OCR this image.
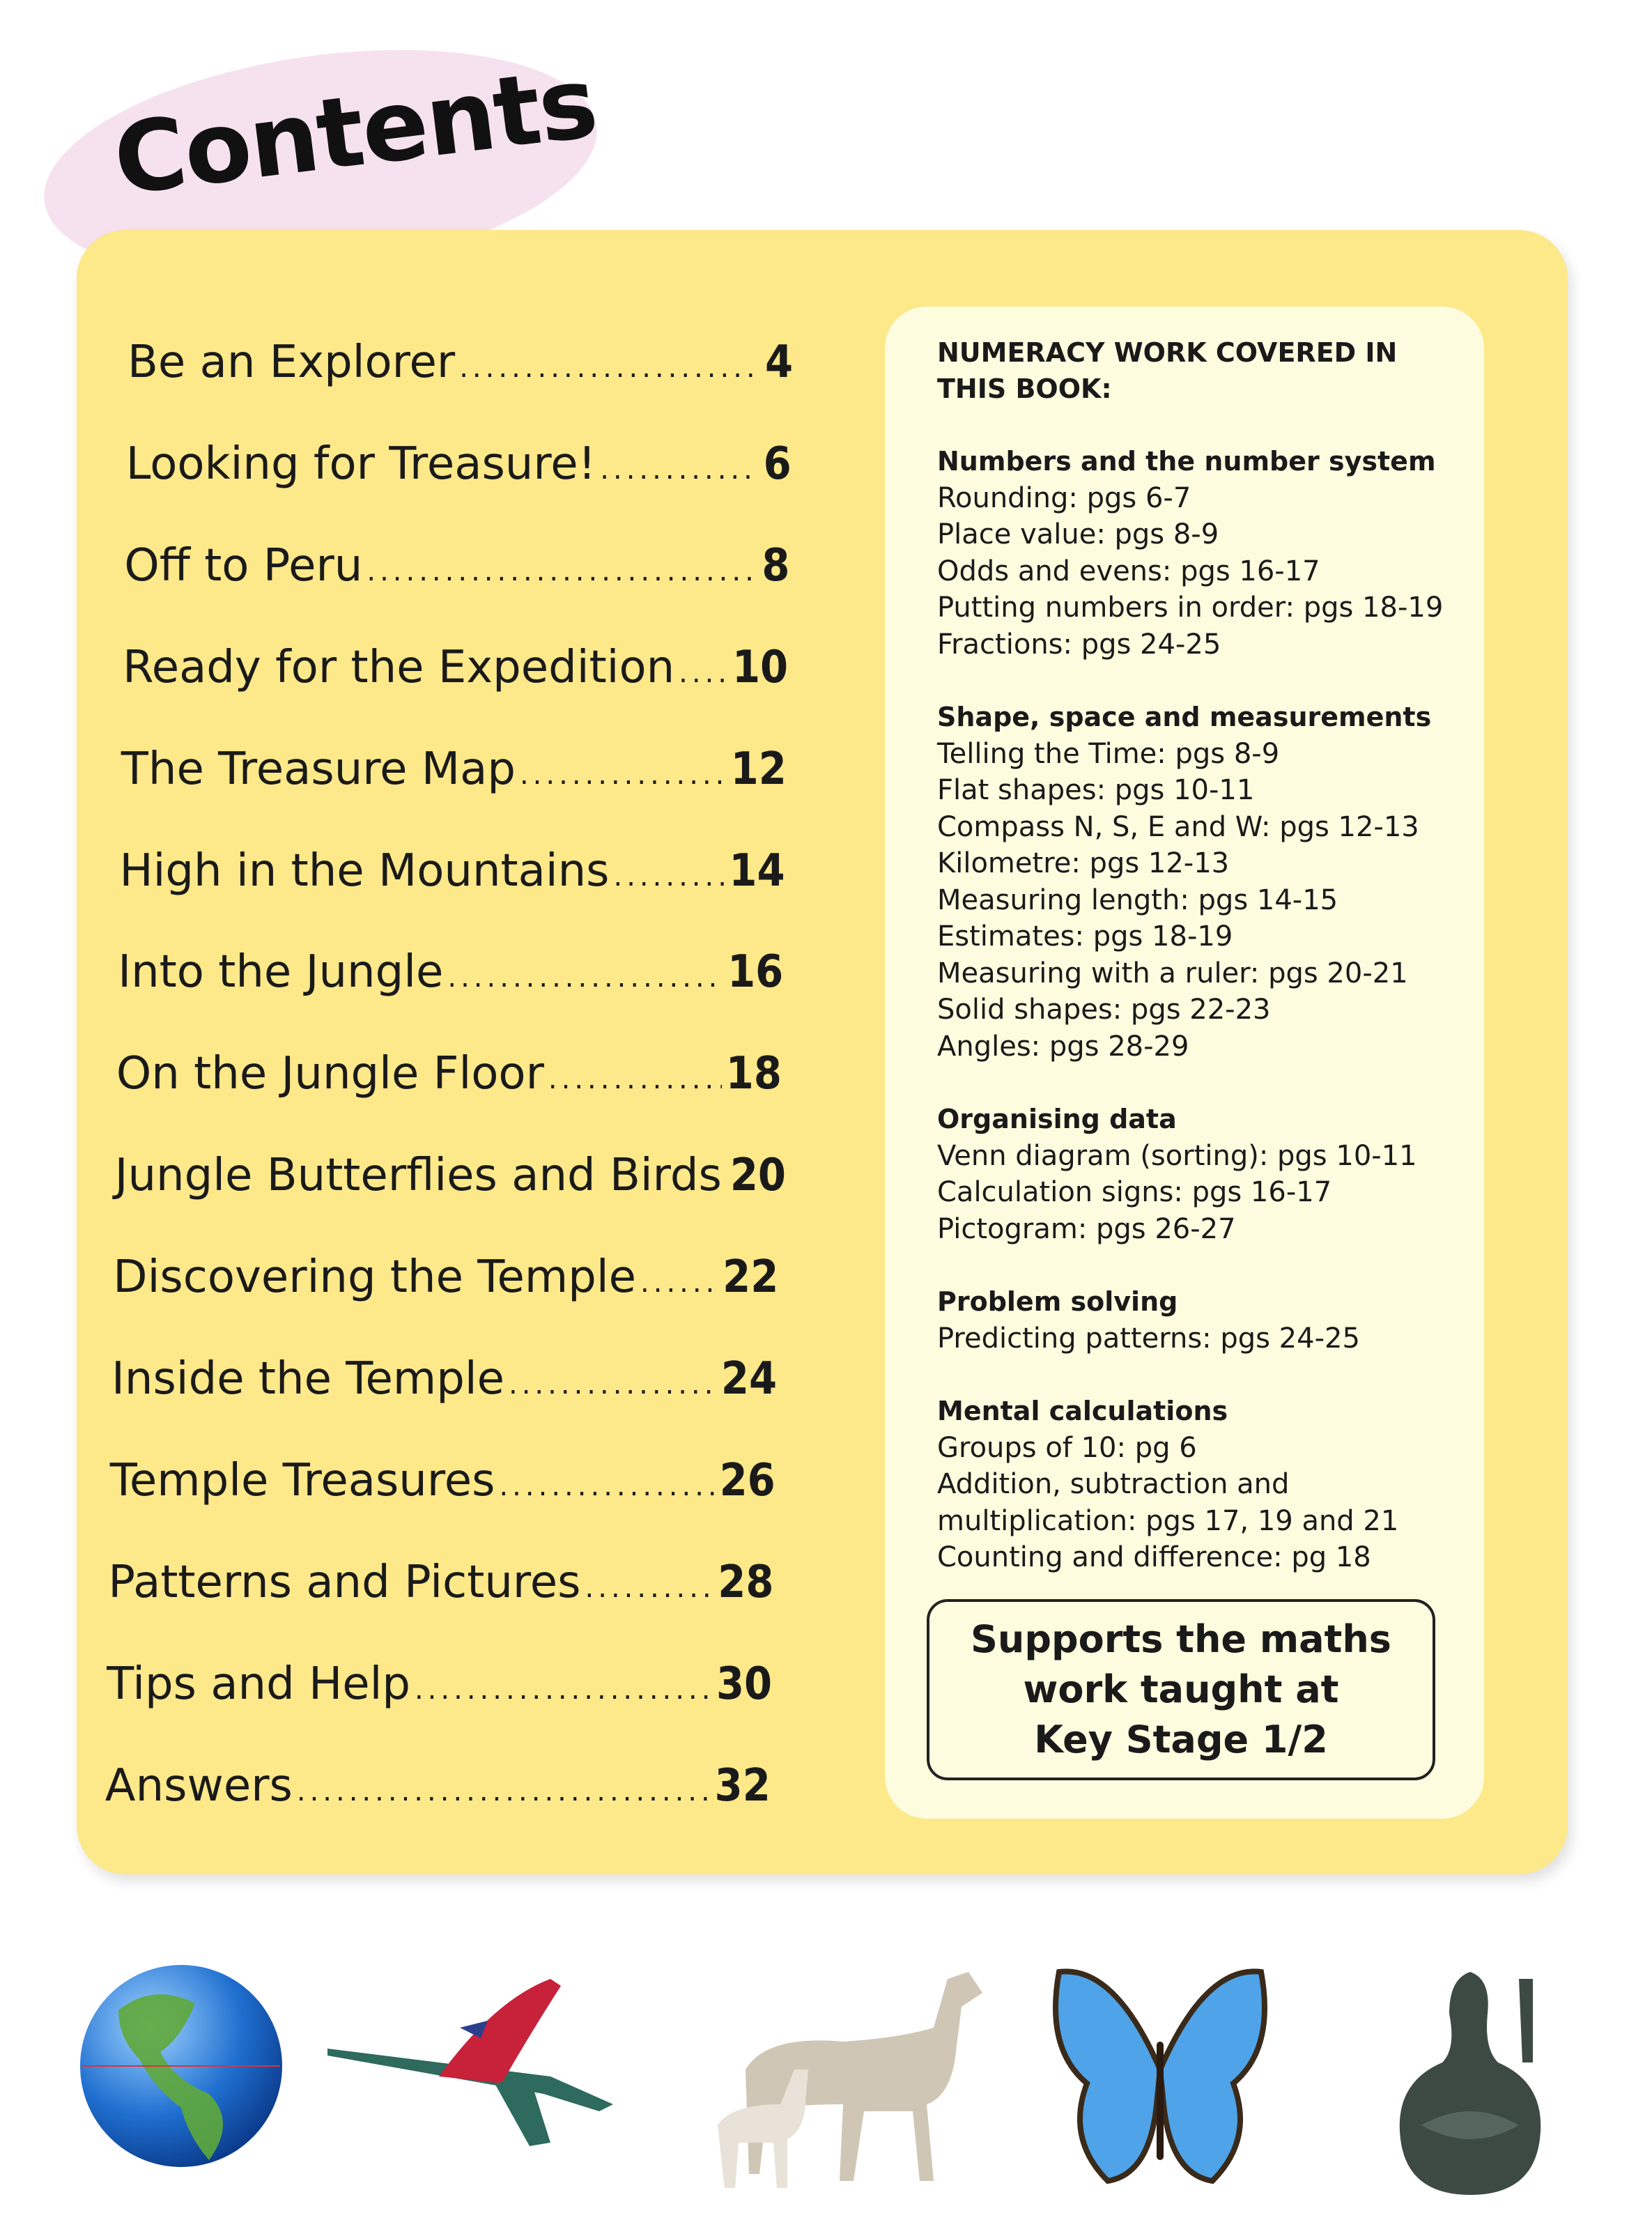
Contents
Be an Explorer .....	4
Looking for Treasure! .....	6
Off to Peru .....	8
Ready for the Expedition ..... 10
The Treasure Map .....	12
High in the Mountains .....	14
Into the Jungle .....	16
On the Jungle Floor .....	18
Jungle Butterflies and Birds 20
Discovering the Temple ..... 22
Inside the Temple .....	24
Temple Treasures .....	26
Patterns and Pictures .....	28
Tips and Help .....	30
Answers .....	32
NUMERACY WORK COVERED IN
THIS BOOK:
Numbers and the number system
Rounding: pgs 6-7
Place value: pgs 8-9
Odds and evens: pgs 16-17
Putting numbers in order: pgs 18-19
Fractions: pgs 24-25
Shape, space and measurements
Telling the Time: pgs 8-9
Flat shapes: pgs 10-11
Compass N, S, E and W: pgs 12-13
Kilometre: pgs 12-13
Measuring length: pgs 14-15
Estimates: pgs 18-19
Measuring with a ruler: pgs 20-21
Solid shapes: pgs 22-23
Angles: pgs 28-29
Organising data
Venn diagram (sorting): pgs 10-11
Calculation signs: pgs 16-17
Pictogram: pgs 26-27
Problem solving
Predicting patterns: pgs 24-25
Mental calculations
Groups of 10: pg 6
Addition, subtraction and
multiplication: pgs 17, 19 and 21
Counting and difference: pg 18
Supports the maths
work taught at
Key Stage 1/2
